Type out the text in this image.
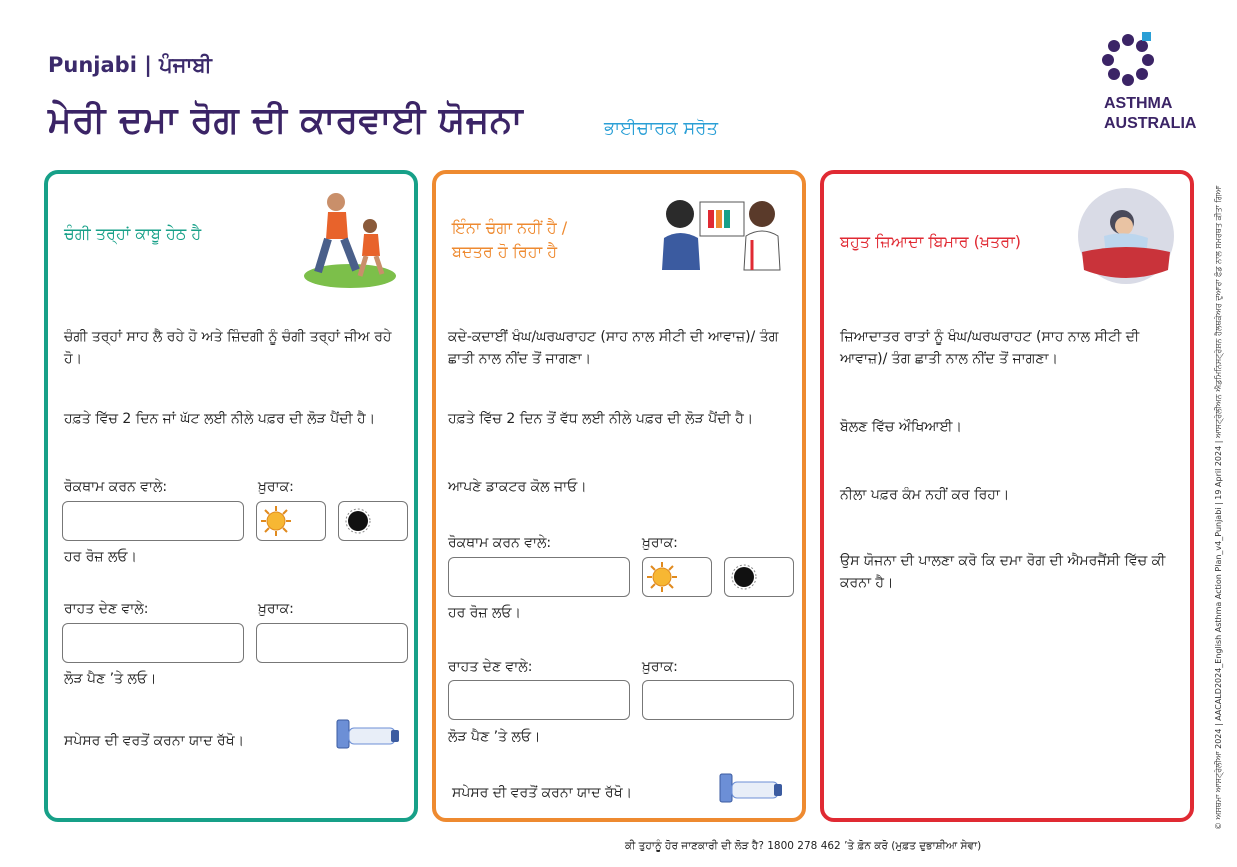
Punjabi | ਪੰਜਾਬੀ
ਮੇਰੀ ਦਮਾ ਰੋਗ ਦੀ ਕਾਰਵਾਈ ਯੋਜਨਾ	ਭਾਈਚਾਰਕ ਸਰੋਤ
ASTHMA
AUSTRALIA
ਚੰਗੀ ਤਰ੍ਹਾਂ ਕਾਬੂ ਹੇਠ ਹੈ
ਚੰਗੀ ਤਰ੍ਹਾਂ ਸਾਹ ਲੈ ਰਹੇ ਹੋ ਅਤੇ ਜ਼ਿੰਦਗੀ ਨੂੰ ਚੰਗੀ ਤਰ੍ਹਾਂ ਜੀਅ ਰਹੇ ਹੋ।
ਹਫ਼ਤੇ ਵਿੱਚ 2 ਦਿਨ ਜਾਂ ਘੱਟ ਲਈ ਨੀਲੇ ਪਫ਼ਰ ਦੀ ਲੋੜ ਪੈਂਦੀ ਹੈ।
ਰੋਕਥਾਮ ਕਰਨ ਵਾਲੇ:	ਖ਼ੁਰਾਕ:
ਹਰ ਰੋਜ਼ ਲਓ।
ਰਾਹਤ ਦੇਣ ਵਾਲੇ:	ਖ਼ੁਰਾਕ:
ਲੋੜ ਪੈਣ ’ਤੇ ਲਓ।
ਸਪੇਸਰ ਦੀ ਵਰਤੋਂ ਕਰਨਾ ਯਾਦ ਰੱਖੋ।
ਇੰਨਾ ਚੰਗਾ ਨਹੀਂ ਹੈ /
ਬਦਤਰ ਹੋ ਰਿਹਾ ਹੈ
ਕਦੇ-ਕਦਾਈਂ ਖੰਘ/ਘਰਘਰਾਹਟ (ਸਾਹ ਨਾਲ ਸੀਟੀ ਦੀ ਆਵਾਜ਼)/ ਤੰਗ ਛਾਤੀ ਨਾਲ ਨੀਂਦ ਤੋਂ ਜਾਗਣਾ।
ਹਫ਼ਤੇ ਵਿੱਚ 2 ਦਿਨ ਤੋਂ ਵੱਧ ਲਈ ਨੀਲੇ ਪਫ਼ਰ ਦੀ ਲੋੜ ਪੈਂਦੀ ਹੈ।
ਆਪਣੇ ਡਾਕਟਰ ਕੋਲ ਜਾਓ।
ਰੋਕਥਾਮ ਕਰਨ ਵਾਲੇ:	ਖ਼ੁਰਾਕ:
ਹਰ ਰੋਜ਼ ਲਓ।
ਰਾਹਤ ਦੇਣ ਵਾਲੇ:	ਖ਼ੁਰਾਕ:
ਲੋੜ ਪੈਣ ’ਤੇ ਲਓ।
ਸਪੇਸਰ ਦੀ ਵਰਤੋਂ ਕਰਨਾ ਯਾਦ ਰੱਖੋ।
ਬਹੁਤ ਜ਼ਿਆਦਾ ਬਿਮਾਰ (ਖ਼ਤਰਾ)
ਜ਼ਿਆਦਾਤਰ ਰਾਤਾਂ ਨੂੰ ਖੰਘ/ਘਰਘਰਾਹਟ (ਸਾਹ ਨਾਲ ਸੀਟੀ ਦੀ ਆਵਾਜ਼)/ ਤੰਗ ਛਾਤੀ ਨਾਲ ਨੀਂਦ ਤੋਂ ਜਾਗਣਾ।
ਬੋਲਣ ਵਿੱਚ ਔਖਿਆਈ।
ਨੀਲਾ ਪਫ਼ਰ ਕੰਮ ਨਹੀਂ ਕਰ ਰਿਹਾ।
ਉਸ ਯੋਜਨਾ ਦੀ ਪਾਲਣਾ ਕਰੋ ਕਿ ਦਮਾ ਰੋਗ ਦੀ ਐਮਰਜੈਂਸੀ ਵਿੱਚ ਕੀ ਕਰਨਾ ਹੈ।	© ਅਸਥਮਾ ਆਸਟ੍ਰੇਲੀਆ 2024 | AACALD2024_English Asthma Action Plan_v4_Punjabi | 19 April 2024 | ਆਸਟ੍ਰੇਲੀਅਨ ਐਡਮਿਨਿਸਟ੍ਰੇਸ਼ਨ ਹੈਲਥਕੇਅਰ ਦੁਆਰਾ ਫੰਡ ਨਾਲ ਸਮਰਥਤ ਕੀਤਾ ਗਿਆ
ਕੀ ਤੁਹਾਨੂੰ ਹੋਰ ਜਾਣਕਾਰੀ ਦੀ ਲੋੜ ਹੈ? 1800 278 462 ’ਤੇ ਫ਼ੋਨ ਕਰੋ (ਮੁਫ਼ਤ ਦੁਭਾਸ਼ੀਆ ਸੇਵਾ)
